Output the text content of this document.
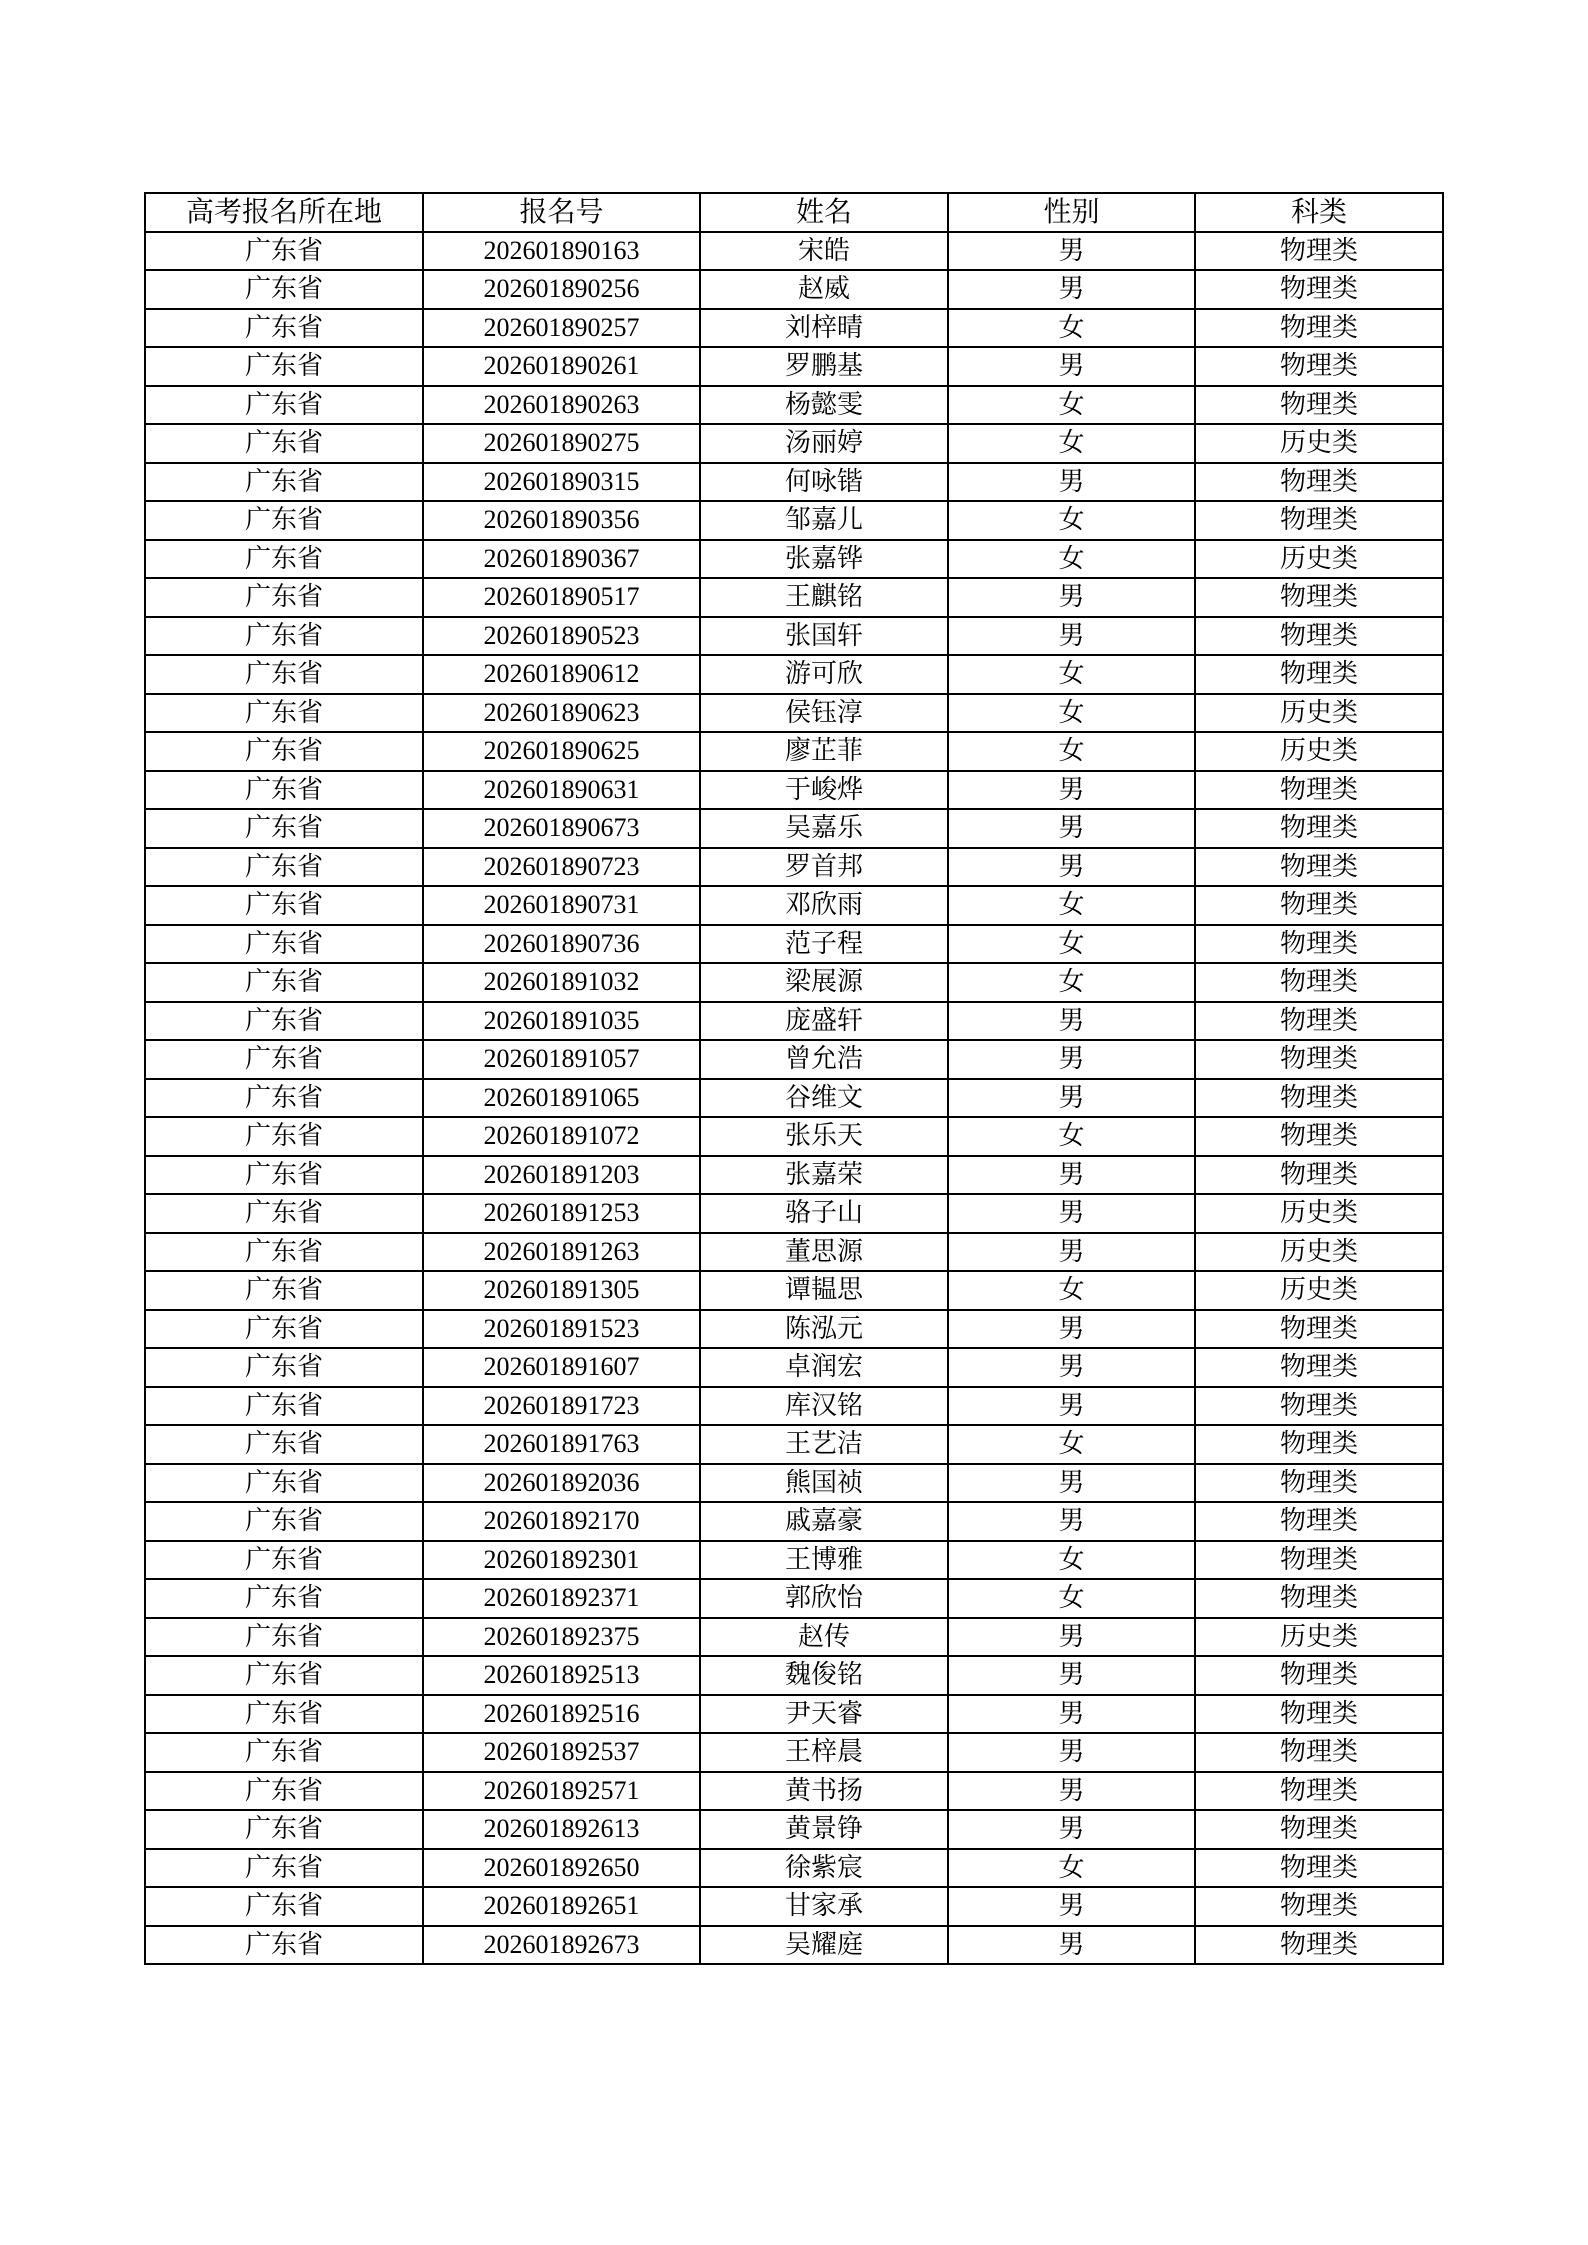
高考报名所在地	报名号	姓名	性别	科类
广东省	202601890163	宋皓	男	物理类
广东省	202601890256	赵威	男	物理类
广东省	202601890257	刘梓晴	女	物理类
广东省	202601890261	罗鹏基	男	物理类
广东省	202601890263	杨懿雯	女	物理类
广东省	202601890275	汤丽婷	女	历史类
广东省	202601890315	何咏锴	男	物理类
广东省	202601890356	邹嘉儿	女	物理类
广东省	202601890367	张嘉铧	女	历史类
广东省	202601890517	王麒铭	男	物理类
广东省	202601890523	张国轩	男	物理类
广东省	202601890612	游可欣	女	物理类
广东省	202601890623	侯钰淳	女	历史类
广东省	202601890625	廖芷菲	女	历史类
广东省	202601890631	于峻烨	男	物理类
广东省	202601890673	吴嘉乐	男	物理类
广东省	202601890723	罗首邦	男	物理类
广东省	202601890731	邓欣雨	女	物理类
广东省	202601890736	范子程	女	物理类
广东省	202601891032	梁展源	女	物理类
广东省	202601891035	庞盛轩	男	物理类
广东省	202601891057	曾允浩	男	物理类
广东省	202601891065	谷维文	男	物理类
广东省	202601891072	张乐天	女	物理类
广东省	202601891203	张嘉荣	男	物理类
广东省	202601891253	骆子山	男	历史类
广东省	202601891263	董思源	男	历史类
广东省	202601891305	谭韫思	女	历史类
广东省	202601891523	陈泓元	男	物理类
广东省	202601891607	卓润宏	男	物理类
广东省	202601891723	库汉铭	男	物理类
广东省	202601891763	王艺洁	女	物理类
广东省	202601892036	熊国祯	男	物理类
广东省	202601892170	戚嘉豪	男	物理类
广东省	202601892301	王博雅	女	物理类
广东省	202601892371	郭欣怡	女	物理类
广东省	202601892375	赵传	男	历史类
广东省	202601892513	魏俊铭	男	物理类
广东省	202601892516	尹天睿	男	物理类
广东省	202601892537	王梓晨	男	物理类
广东省	202601892571	黄书扬	男	物理类
广东省	202601892613	黄景铮	男	物理类
广东省	202601892650	徐紫宸	女	物理类
广东省	202601892651	甘家承	男	物理类
广东省	202601892673	吴耀庭	男	物理类
